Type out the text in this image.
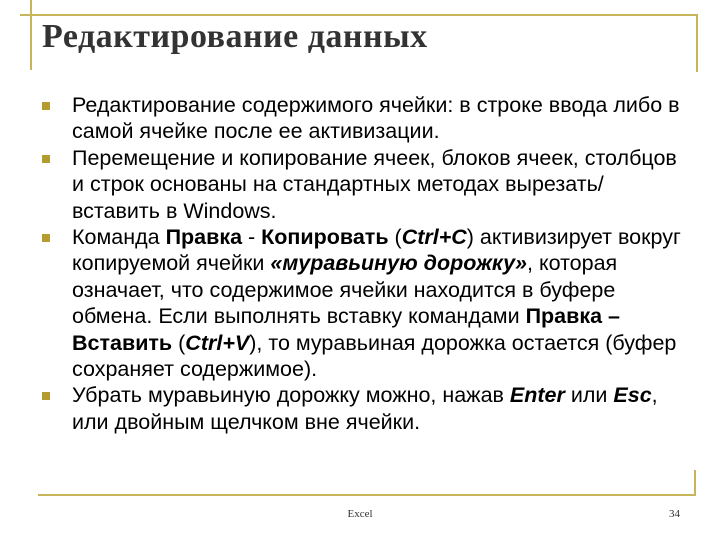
Редактирование данных
Редактирование содержимого ячейки: в строке ввода либо в самой ячейке после ее активизации.
Перемещение и копирование ячеек, блоков ячеек, столбцов и строк основаны на стандартных методах вырезать/ вставить в Windows.
Команда Правка - Копировать (Ctrl+C) активизирует вокруг копируемой ячейки «муравьиную дорожку», которая означает, что содержимое ячейки находится в буфере обмена. Если выполнять вставку командами Правка – Вставить (Ctrl+V), то муравьиная дорожка остается (буфер сохраняет содержимое).
Убрать муравьиную дорожку можно, нажав Enter или Esc, или двойным щелчком вне ячейки.
Excel	34
